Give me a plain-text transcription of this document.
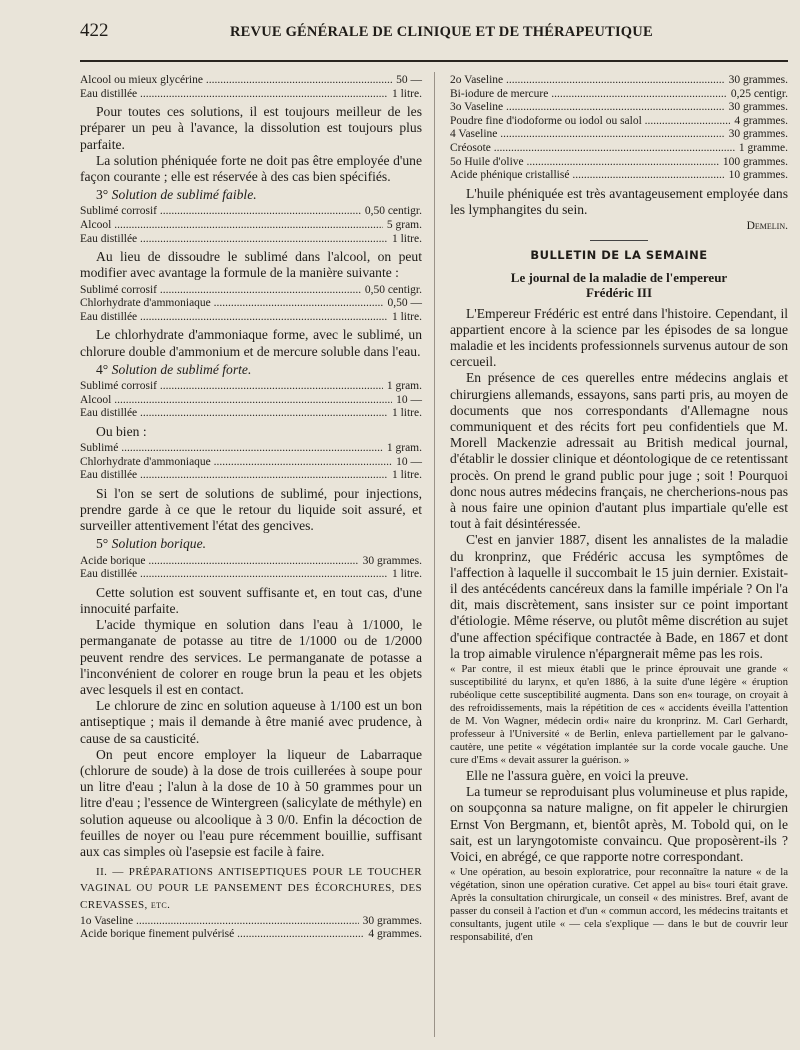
422	REVUE GÉNÉRALE DE CLINIQUE ET DE THÉRAPEUTIQUE
Alcool ou mieux glycérine .....	50 —
Eau distillée .....	1 litre.

Pour toutes ces solutions, il est toujours meilleur de les préparer un peu à l'avance, la dissolution est toujours plus parfaite.

La solution phéniquée forte ne doit pas être employée d'une façon courante ; elle est réservée à des cas bien spécifiés.

3° Solution de sublimé faible.

Sublimé corrosif .....	0,50 centigr.
Alcool .....	5 gram.
Eau distillée .....	1 litre.

Au lieu de dissoudre le sublimé dans l'alcool, on peut modifier avec avantage la formule de la manière suivante :

Sublimé corrosif .....	0,50 centigr.
Chlorhydrate d'ammoniaque .....	0,50 —
Eau distillée .....	1 litre.

Le chlorhydrate d'ammoniaque forme, avec le sublimé, un chlorure double d'ammonium et de mercure soluble dans l'eau.

4° Solution de sublimé forte.

Sublimé corrosif .....	1 gram.
Alcool .....	10 —
Eau distillée .....	1 litre.

Ou bien :

Sublimé .....	1 gram.
Chlorhydrate d'ammoniaque .....	10 —
Eau distillée .....	1 litre.

Si l'on se sert de solutions de sublimé, pour injections, prendre garde à ce que le retour du liquide soit assuré, et surveiller attentivement l'état des gencives.

5° Solution borique.

Acide borique .....	30 grammes.
Eau distillée .....	1 litre.

Cette solution est souvent suffisante et, en tout cas, d'une innocuité parfaite.

L'acide thymique en solution dans l'eau à 1/1000, le permanganate de potasse au titre de 1/1000 ou de 1/2000 peuvent rendre des services. Le permanganate de potasse a l'inconvénient de colorer en rouge brun la peau et les objets avec lesquels il est en contact.

Le chlorure de zinc en solution aqueuse à 1/100 est un bon antiseptique ; mais il demande à être manié avec prudence, à cause de sa causticité.

On peut encore employer la liqueur de Labarraque (chlorure de soude) à la dose de trois cuillerées à soupe pour un litre d'eau ; l'alun à la dose de 10 à 50 grammes pour un litre d'eau ; l'essence de Wintergreen (salicylate de méthyle) en solution aqueuse ou alcoolique à 3 0/0. Enfin la décoction de feuilles de noyer ou l'eau pure récemment bouillie, suffisant aux cas simples où l'asepsie est facile à faire.

II. — PRÉPARATIONS ANTISEPTIQUES POUR LE TOUCHER VAGINAL OU POUR LE PANSEMENT DES ÉCORCHURES, DES CREVASSES, etc.

1o Vaseline .....	30 grammes.
Acide borique finement pulvérisé .....	4 grammes.
2o Vaseline .....	30 grammes.
Bi-iodure de mercure .....	0,25 centigr.
3o Vaseline .....	30 grammes.
Poudre fine d'iodoforme ou iodol ou salol .....	4 grammes.
4 Vaseline .....	30 grammes.
Créosote .....	1 gramme.
5o Huile d'olive .....	100 grammes.
Acide phénique cristallisé .....	10 grammes.

L'huile phéniquée est très avantageusement employée dans les lymphangites du sein.

Demelin.
BULLETIN DE LA SEMAINE
Le journal de la maladie de l'empereur
Frédéric III

L'Empereur Frédéric est entré dans l'histoire. Cependant, il appartient encore à la science par les épisodes de sa longue maladie et les incidents professionnels survenus autour de son cercueil.

En présence de ces querelles entre médecins anglais et chirurgiens allemands, essayons, sans parti pris, au moyen de documents que nos correspondants d'Allemagne nous communiquent et des récits fort peu confidentiels que M. Morell Mackenzie adressait au British medical journal, d'établir le dossier clinique et déontologique de ce retentissant procès. On prend le grand public pour juge ; soit ! Pourquoi donc nous autres médecins français, ne chercherions-nous pas à nous faire une opinion d'autant plus impartiale qu'elle est tout à fait désintéressée.

C'est en janvier 1887, disent les annalistes de la maladie du kronprinz, que Frédéric accusa les symptômes de l'affection à laquelle il succombait le 15 juin dernier. Existait-il des antécédents cancéreux dans la famille impériale ? On l'a dit, mais discrètement, sans insister sur ce point important d'étiologie. Même réserve, ou plutôt même discrétion au sujet d'une affection spécifique contractée à Bade, en 1867 et dont la trop aimable virulence n'épargnerait même pas les rois.

« Par contre, il est mieux établi que le prince éprouvait une grande « susceptibilité du larynx, et qu'en 1886, à la suite d'une légère « éruption rubéolique cette susceptibilité augmenta. Dans son en« tourage, on croyait à des refroidissements, mais la répétition de ces « accidents éveilla l'attention de M. Von Wagner, médecin ordi« naire du kronprinz. M. Carl Gerhardt, professeur à l'Université « de Berlin, enleva partiellement par le galvano-cautère, une petite « végétation implantée sur la corde vocale gauche. Une cure d'Ems « devait assurer la guérison. »

Elle ne l'assura guère, en voici la preuve.

La tumeur se reproduisant plus volumineuse et plus rapide, on soupçonna sa nature maligne, on fit appeler le chirurgien Ernst Von Bergmann, et, bientôt après, M. Tobold qui, on le sait, est un laryngotomiste convaincu. Que proposèrent-ils ? Voici, en abrégé, ce que rapporte notre correspondant.

« Une opération, au besoin exploratrice, pour reconnaître la nature « de la végétation, sinon une opération curative. Cet appel au bis« touri était grave. Après la consultation chirurgicale, un conseil « des ministres. Bref, avant de passer du conseil à l'action et d'un « commun accord, les médecins traitants et consultants, jugent utile « — cela s'explique — dans le but de couvrir leur responsabilité, d'en
